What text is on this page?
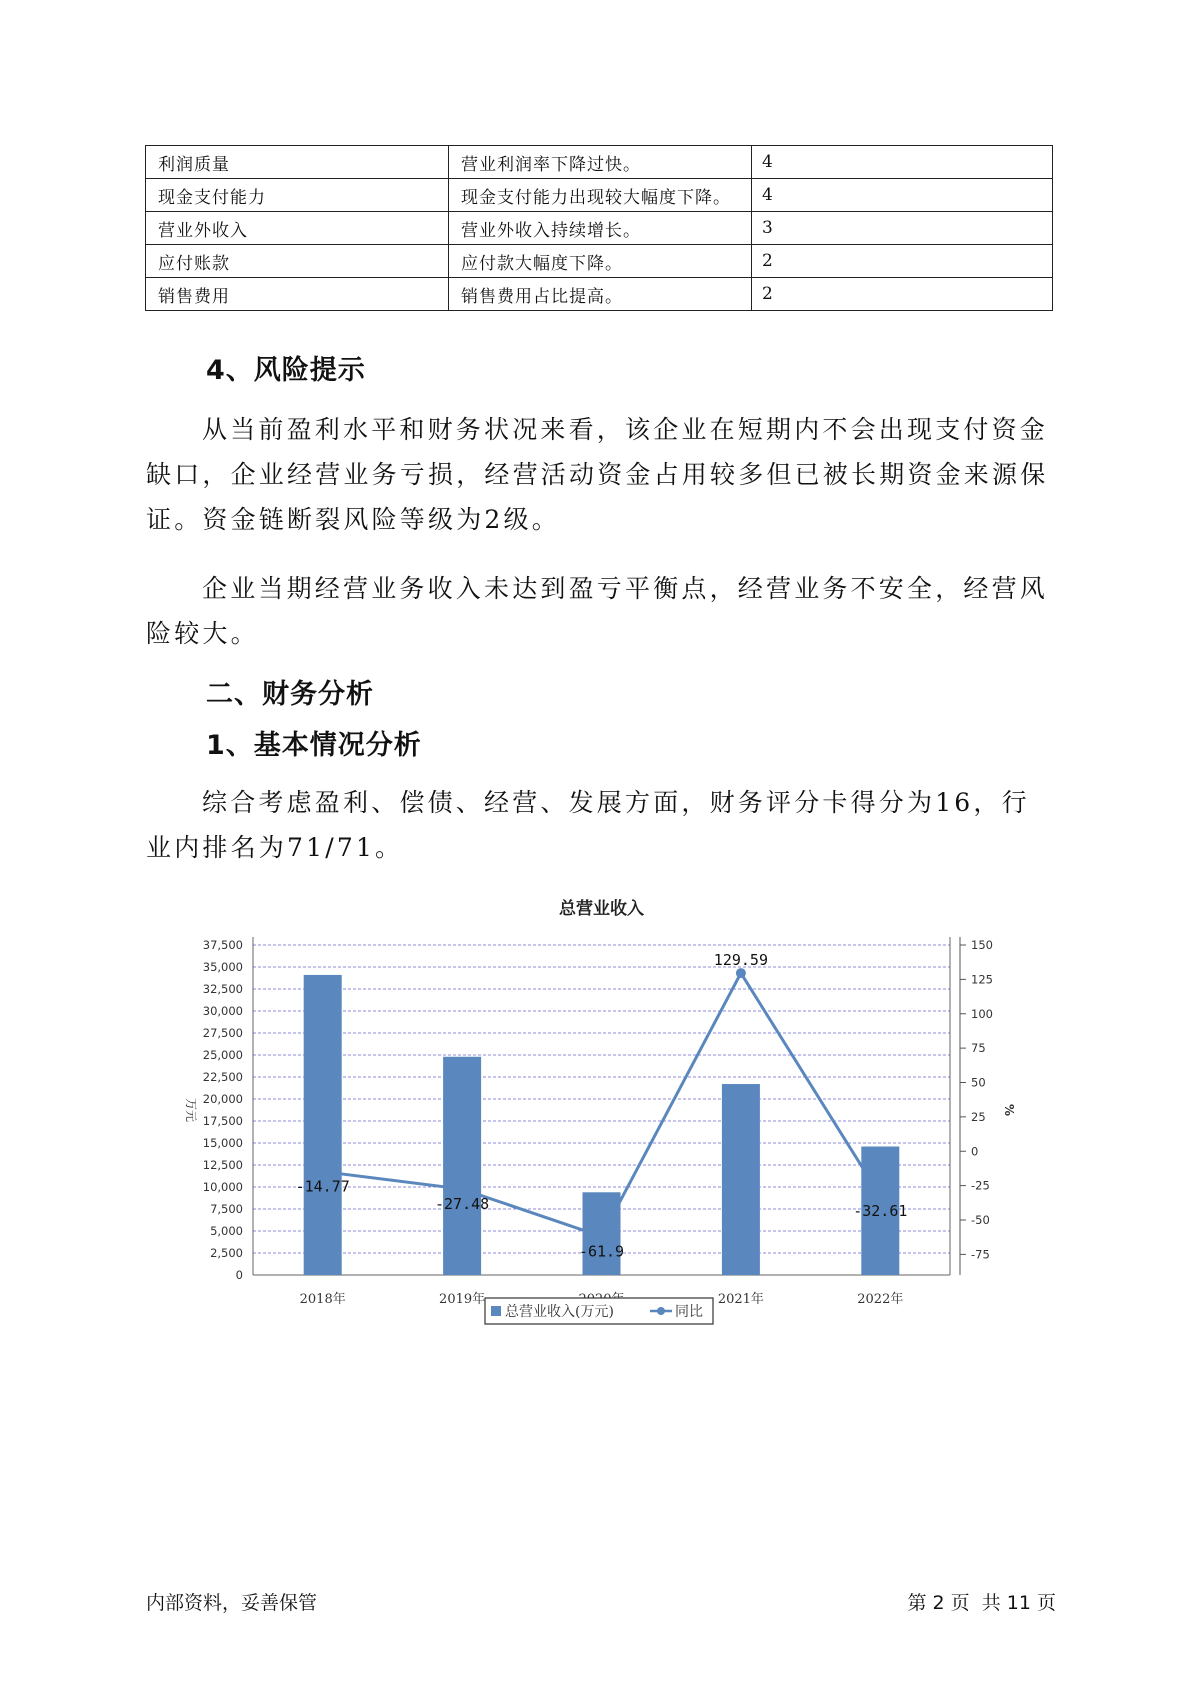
利润质量	营业利润率下降过快。	4
现金支付能力	现金支付能力出现较大幅度下降。	4
营业外收入	营业外收入持续增长。	3
应付账款	应付款大幅度下降。	2
销售费用	销售费用占比提高。	2

4、风险提示

从当前盈利水平和财务状况来看，该企业在短期内不会出现支付资金缺口，企业经营业务亏损，经营活动资金占用较多但已被长期资金来源保证。资金链断裂风险等级为2级。

企业当期经营业务收入未达到盈亏平衡点，经营业务不安全，经营风险较大。

二、财务分析

1、基本情况分析

综合考虑盈利、偿债、经营、发展方面，财务评分卡得分为16，行业内排名为71/71。

总营业收入
0
2,500
5,000
7,500
10,000
12,500
15,000
17,500
20,000
22,500
25,000
27,500
30,000
32,500
35,000
37,500
-75
-50
-25
0
25
50
75
100
125
150
万元	%
2018年	2019年	2021年	2022年
-14.77
-27.48
-61.9
129.59
-32.61
总营业收入(万元)	同比

内部资料，妥善保管	第 2 页  共 11 页
